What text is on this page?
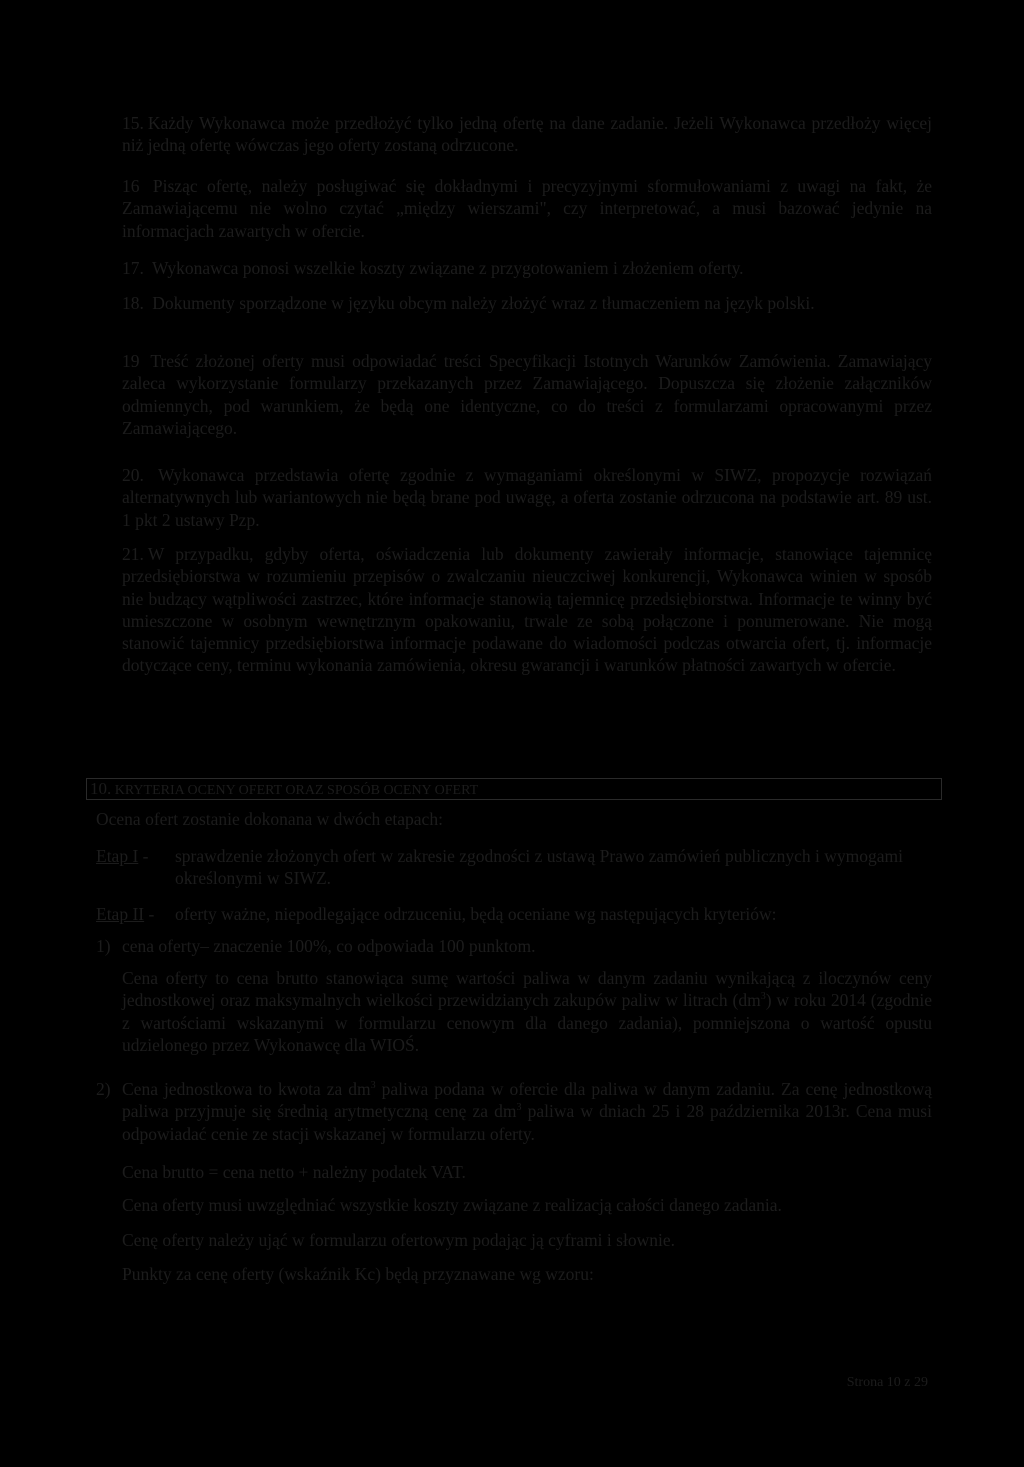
15. Każdy Wykonawca może przedłożyć tylko jedną ofertę na dane zadanie. Jeżeli Wykonawca przedłoży więcej niż jedną ofertę wówczas jego oferty zostaną odrzucone.
16 Pisząc ofertę, należy posługiwać się dokładnymi i precyzyjnymi sformułowaniami z uwagi na fakt, że Zamawiającemu nie wolno czytać „między wierszami", czy interpretować, a musi bazować jedynie na informacjach zawartych w ofercie.
17. Wykonawca ponosi wszelkie koszty związane z przygotowaniem i złożeniem oferty.
18. Dokumenty sporządzone w języku obcym należy złożyć wraz z tłumaczeniem na język polski.
19 Treść złożonej oferty musi odpowiadać treści Specyfikacji Istotnych Warunków Zamówienia. Zamawiający zaleca wykorzystanie formularzy przekazanych przez Zamawiającego. Dopuszcza się złożenie załączników odmiennych, pod warunkiem, że będą one identyczne, co do treści z formularzami opracowanymi przez Zamawiającego.
20. Wykonawca przedstawia ofertę zgodnie z wymaganiami określonymi w SIWZ, propozycje rozwiązań alternatywnych lub wariantowych nie będą brane pod uwagę, a oferta zostanie odrzucona na podstawie art. 89 ust. 1 pkt 2 ustawy Pzp.
21. W przypadku, gdyby oferta, oświadczenia lub dokumenty zawierały informacje, stanowiące tajemnicę przedsiębiorstwa w rozumieniu przepisów o zwalczaniu nieuczciwej konkurencji, Wykonawca winien w sposób nie budzący wątpliwości zastrzec, które informacje stanowią tajemnicę przedsiębiorstwa. Informacje te winny być umieszczone w osobnym wewnętrznym opakowaniu, trwale ze sobą połączone i ponumerowane. Nie mogą stanowić tajemnicy przedsiębiorstwa informacje podawane do wiadomości podczas otwarcia ofert, tj. informacje dotyczące ceny, terminu wykonania zamówienia, okresu gwarancji i warunków płatności zawartych w ofercie.
10. KRYTERIA OCENY OFERT ORAZ SPOSÓB OCENY OFERT
Ocena ofert zostanie dokonana w dwóch etapach:
Etap I - sprawdzenie złożonych ofert w zakresie zgodności z ustawą Prawo zamówień publicznych i wymogami określonymi w SIWZ.
Etap II - oferty ważne, niepodlegające odrzuceniu, będą oceniane wg następujących kryteriów:
1) cena oferty– znaczenie 100%, co odpowiada 100 punktom.
Cena oferty to cena brutto stanowiąca sumę wartości paliwa w danym zadaniu wynikającą z iloczynów ceny jednostkowej oraz maksymalnych wielkości przewidzianych zakupów paliw w litrach $(dm^3)$ w roku 2014 (zgodnie z wartościami wskazanymi w formularzu cenowym dla danego zadania), pomniejszona o wartość opustu udzielonego przez Wykonawcę dla WIOŚ.
2) Cena jednostkowa to kwota za $dm^3$ paliwa podana w ofercie dla paliwa w danym zadaniu. Za cenę jednostkową paliwa przyjmuje się średnią arytmetyczną cenę za $dm^3$ paliwa w dniach 25 i 28 października 2013r. Cena musi odpowiadać cenie ze stacji wskazanej w formularzu oferty.
Cena brutto = cena netto + należny podatek VAT.
Cena oferty musi uwzględniać wszystkie koszty związane z realizacją całości danego zadania.
Cenę oferty należy ująć w formularzu ofertowym podając ją cyframi i słownie.
Punkty za cenę oferty (wskaźnik Kc) będą przyznawane wg wzoru:
Strona 10 z 29
